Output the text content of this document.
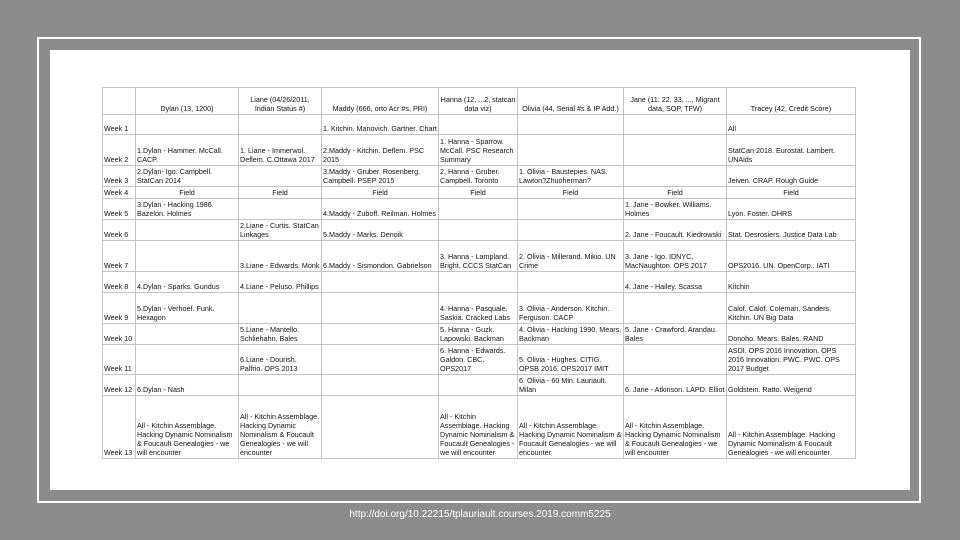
	Dylan (13, 1200)	Liane (04/26/2011, Indian Status #)	Maddy (666, orto Acr #s, PRI)	Hanna (12, ...2, statcan data viz)	Olivia (44, Serial #s & IP Add.)	Jane (11. 22. 33, ..., Migrant data, SOP, TFW)	Tracey (42, Credit Score)
Week 1			1. Kitchin. Manovich. Gartner. Chart				All
Week 2	1.Dylan - Hammer. McCall. CACP.	1. Liane - Immerwol. Deflem. C.Ottawa 2017	2.Maddy - Kitchin. Deflem. PSC 2015	1. Hanna - Sparrow. McCall. PSC Research Summary			StatCan 2018. Eurostat. Lambert. UNAids
Week 3	2.Dylan- Igo. Campbell. StatCan 2014		3.Maddy - Gruber. Rosenberg. Campbell. PSEP 2015	2. Hanna - Gruber. Campbell. Toronto	1. Olivia - Baustepies. NAS. Lawton?Zhuoherman?		Jeiven. CRAP. Rough Guide
Week 4	Field	Field	Field	Field	Field	Field	Field
Week 5	3.Dylan - Hacking 1986. Bazelon. Holmes		4.Maddy - Zuboff. Reilman. Holmes			1. Jane - Bowker. Williams. Holmes	Lyon. Foster. OHRS
Week 6		2.Liane - Curtis. StatCan Linkages	5.Maddy - Marks. Denoik			2. Jane - Foucault. Kiedrowski	Stat. Desrosiers. Justice Data Lab
Week 7		3.Liane - Edwards. Monk	6.Maddy - Sismondon. Gabrielson	3. Hanna - Lampland. Bright. CCCS StatCan	2. Olivia - Millerand. Mikio. UN Crime	3. Jane - Igo. IDNYC. MacNaughton. OPS 2017	OPS2016. UN. OpenCorp.. IATI
Week 8	4.Dylan - Sparks. Gundus	4.Liane - Peluso. Phillips				4. Jane - Hailey. Scassa	Kitchin
Week 9	5.Dylan - Verhoef. Funk. Hexagon			4. Hanna - Pasquale. Saskia. Cracked Labs	3. Olivia - Anderson. Kitchin. Ferguson. CACP		Calof. Calof. Coleman. Sanders. Kitchin. UN Big Data
Week 10		5.Liane - Mantello. Schliehahn. Bales		5. Hanna - Guzk. Lapowski. Backman	4. Olivia - Hacking 1990. Mears. Backman	5. Jane - Crawford. Arandau. Bales	Donoho. Mears. Bales. RAND
Week 11		6.Liane - Dourish. Palfrio. OPS 2013		6. Hanna - Edwards. Galdon. CBC. OPS2017	5. Olivia - Hughes. CITIG. OPSB 2016. OPS2017 IMIT		ASDI. OPS 2016 Innovation. OPS 2016 Innovation. PWC. PWC. OPS 2017 Budget
Week 12	6.Dylan - Nash				6. Olivia - 60 Min. Lauriault. Milan	6. Jane - Atkinson. LAPD. Elliot	Goldstein. Ratto. Weigend
Week 13	All - Kitchin Assemblage. Hacking Dynamic Nominalism & Foucault Genealogies - we will encounter	All - Kitchin Assemblage. Hacking Dynamic Nominalism & Foucault Genealogies - we will encounter		All - Kitchin Assemblage. Hacking Dynamic Nominalism & Foucault Genealogies - we will encounter	All - Kitchin Assemblage. Hacking Dynamic Nominalism & Foucault Genealogies - we will encounter	All - Kitchin Assemblage. Hacking Dynamic Nominalism & Foucault Genealogies - we will encounter	All - Kitchin Assemblage. Hacking Dynamic Nominalism & Foucault Genealogies - we will encounter
http://doi.org/10.22215/tplauriault.courses.2019.comm5225
